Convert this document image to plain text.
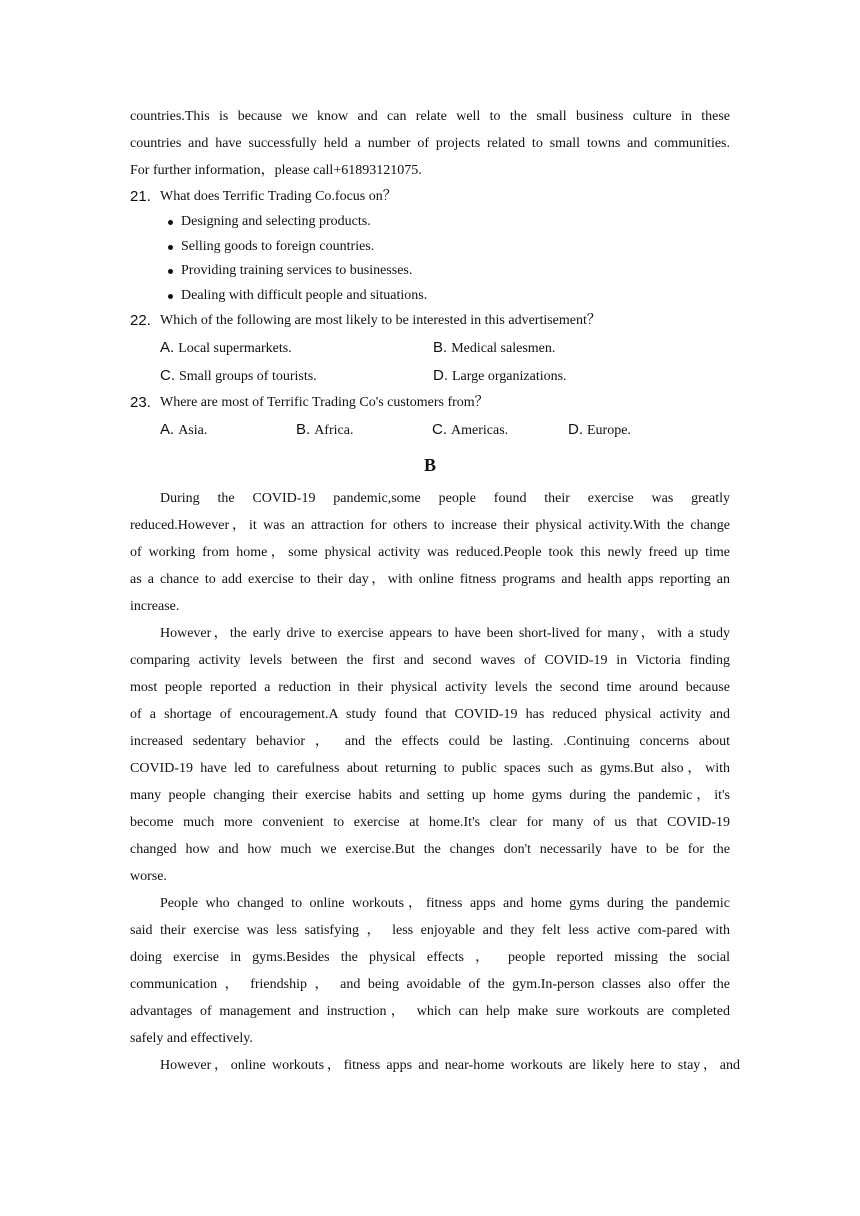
countries.This is because we know and can relate well to the small business culture in these

countries and have successfully held a number of projects related to small towns and communities.

For further information，please call+61893121075.

21. What does Terrific Trading Co.focus on？

Designing and selecting products.
Selling goods to foreign countries.
Providing training services to businesses.
Dealing with difficult people and situations.

22. Which of the following are most likely to be interested in this advertisement？

A. Local supermarkets.	B. Medical salesmen.
C. Small groups of tourists.	D. Large organizations.

23. Where are most of Terrific Trading Co's customers from？

A. Asia.	B. Africa.	C. Americas.	D. Europe.
B

During the COVID-19 pandemic,some people found their exercise was greatly

reduced.However，it was an attraction for others to increase their physical activity.With the change

of working from home，some physical activity was reduced.People took this newly freed up time

as a chance to add exercise to their day，with online fitness programs and health apps reporting an

increase.

However，the early drive to exercise appears to have been short-lived for many，with a study

comparing activity levels between the first and second waves of COVID-19 in Victoria finding

most people reported a reduction in their physical activity levels the second time around because

of a shortage of encouragement.A study found that COVID-19 has reduced physical activity and

increased sedentary behavior ， and the effects could be lasting. .Continuing concerns about

COVID-19 have led to carefulness about returning to public spaces such as gyms.But also，with

many people changing their exercise habits and setting up home gyms during the pandemic，it's

become much more convenient to exercise at home.It's clear for many of us that COVID-19

changed how and how much we exercise.But the changes don't necessarily have to be for the

worse.

People who changed to online workouts，fitness apps and home gyms during the pandemic

said their exercise was less satisfying ， less enjoyable and they felt less active com-pared with

doing exercise in gyms.Besides the physical effects ， people reported missing the social

communication ， friendship ， and being avoidable of the gym.In-person classes also offer the

advantages of management and instruction， which can help make sure workouts are completed

safely and effectively.

However，online workouts，fitness apps and near-home workouts are likely here to stay，and
